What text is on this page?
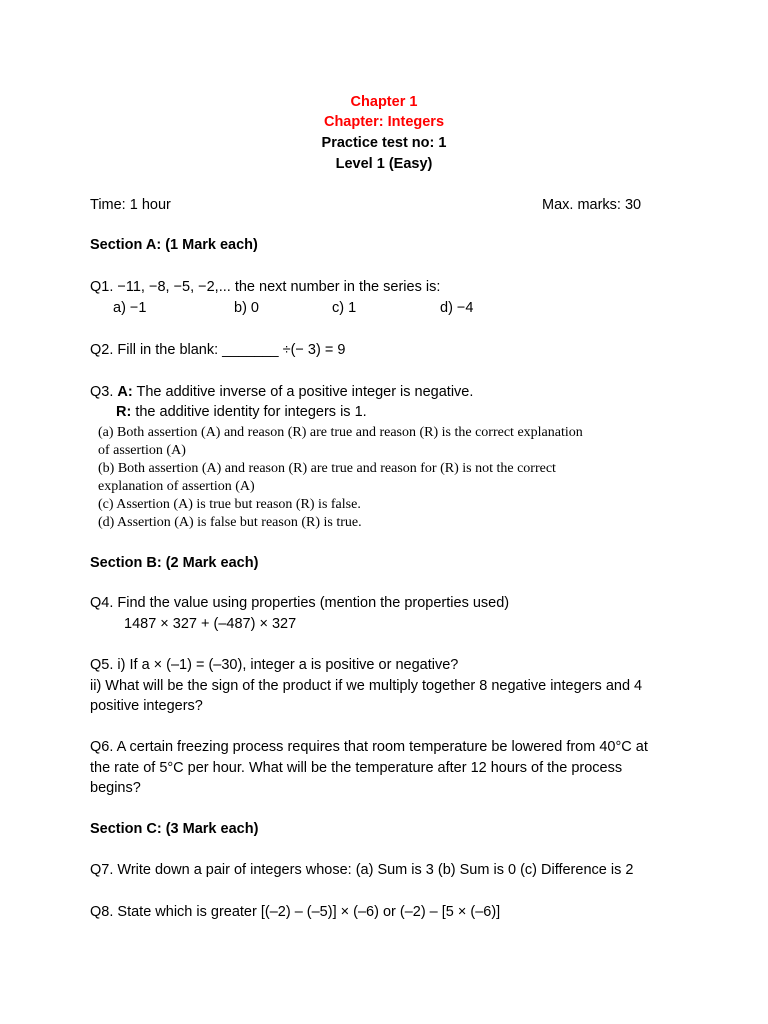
Chapter 1
Chapter: Integers
Practice test no: 1
Level 1 (Easy)
Time: 1 hour	Max. marks: 30
Section A: (1 Mark each)
Q1. −11, −8, −5, −2,... the next number in the series is:
a) −1	b) 0	c) 1	d) −4
Q2. Fill in the blank: _______ ÷(− 3) = 9
Q3. A: The additive inverse of a positive integer is negative.
R: the additive identity for integers is 1.
(a) Both assertion (A) and reason (R) are true and reason (R) is the correct explanation
of assertion (A)
(b) Both assertion (A) and reason (R) are true and reason for (R) is not the correct
explanation of assertion (A)
(c) Assertion (A) is true but reason (R) is false.
(d) Assertion (A) is false but reason (R) is true.
Section B: (2 Mark each)
Q4. Find the value using properties (mention the properties used)
1487 × 327 + (–487) × 327
Q5. i) If a × (–1) = (–30), integer a is positive or negative?
ii) What will be the sign of the product if we multiply together 8 negative integers and 4
positive integers?
Q6. A certain freezing process requires that room temperature be lowered from 40°C at
the rate of 5°C per hour. What will be the temperature after 12 hours of the process
begins?
Section C: (3 Mark each)
Q7. Write down a pair of integers whose: (a) Sum is 3 (b) Sum is 0 (c) Difference is 2
Q8. State which is greater [(–2) – (–5)] × (–6) or (–2) – [5 × (–6)]
